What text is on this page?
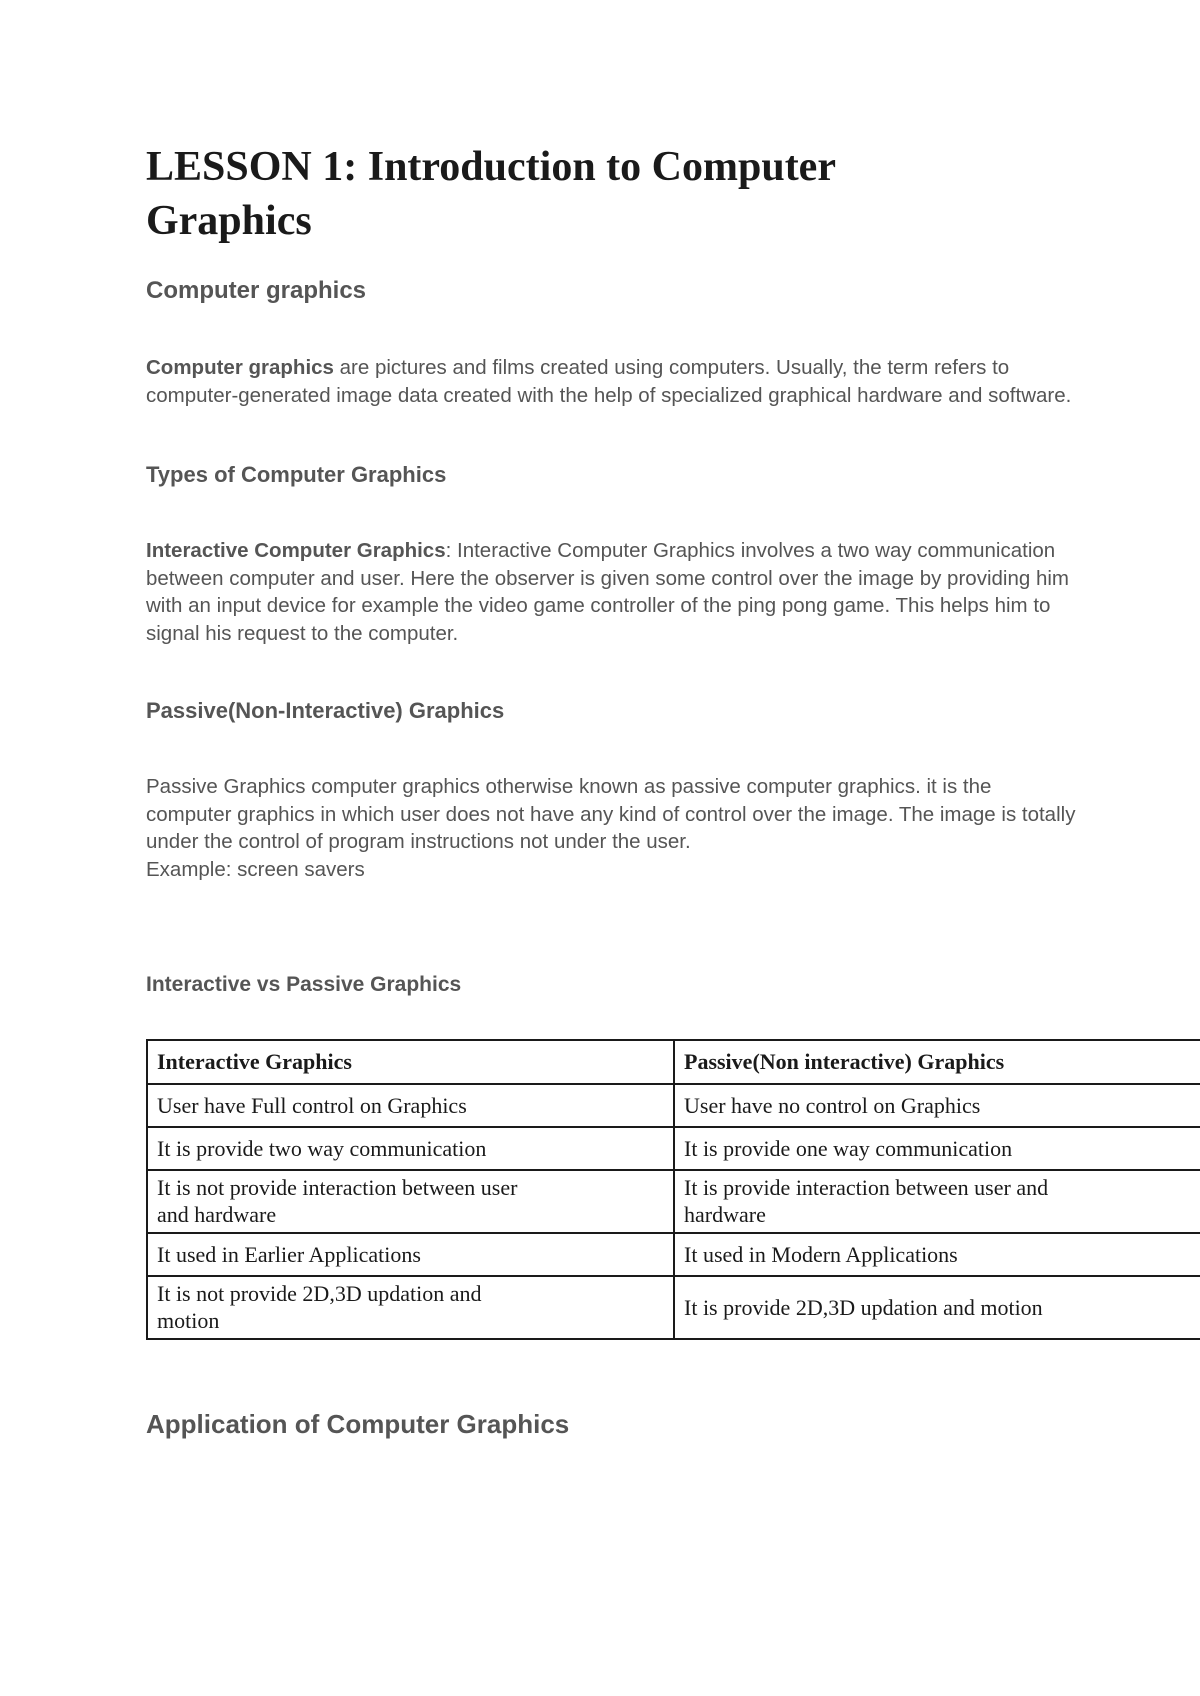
LESSON 1: Introduction to Computer Graphics
Computer graphics

Computer graphics are pictures and films created using computers. Usually, the term refers to computer-generated image data created with the help of specialized graphical hardware and software.

Types of Computer Graphics

Interactive Computer Graphics: Interactive Computer Graphics involves a two way communication between computer and user. Here the observer is given some control over the image by providing him with an input device for example the video game controller of the ping pong game. This helps him to signal his request to the computer.

Passive(Non-Interactive) Graphics

Passive Graphics computer graphics otherwise known as passive computer graphics. it is the computer graphics in which user does not have any kind of control over the image. The image is totally under the control of program instructions not under the user.
Example: screen savers

Interactive vs Passive Graphics
Interactive Graphics	Passive(Non interactive) Graphics
User have Full control on Graphics	User have no control on Graphics
It is provide two way communication	It is provide one way communication

It is not provide interaction between user and hardware	It is provide interaction between user and hardware

It used in Earlier Applications	It used in Modern Applications

It is not provide 2D,3D updation and motion	It is provide 2D,3D updation and motion
Application of Computer Graphics
